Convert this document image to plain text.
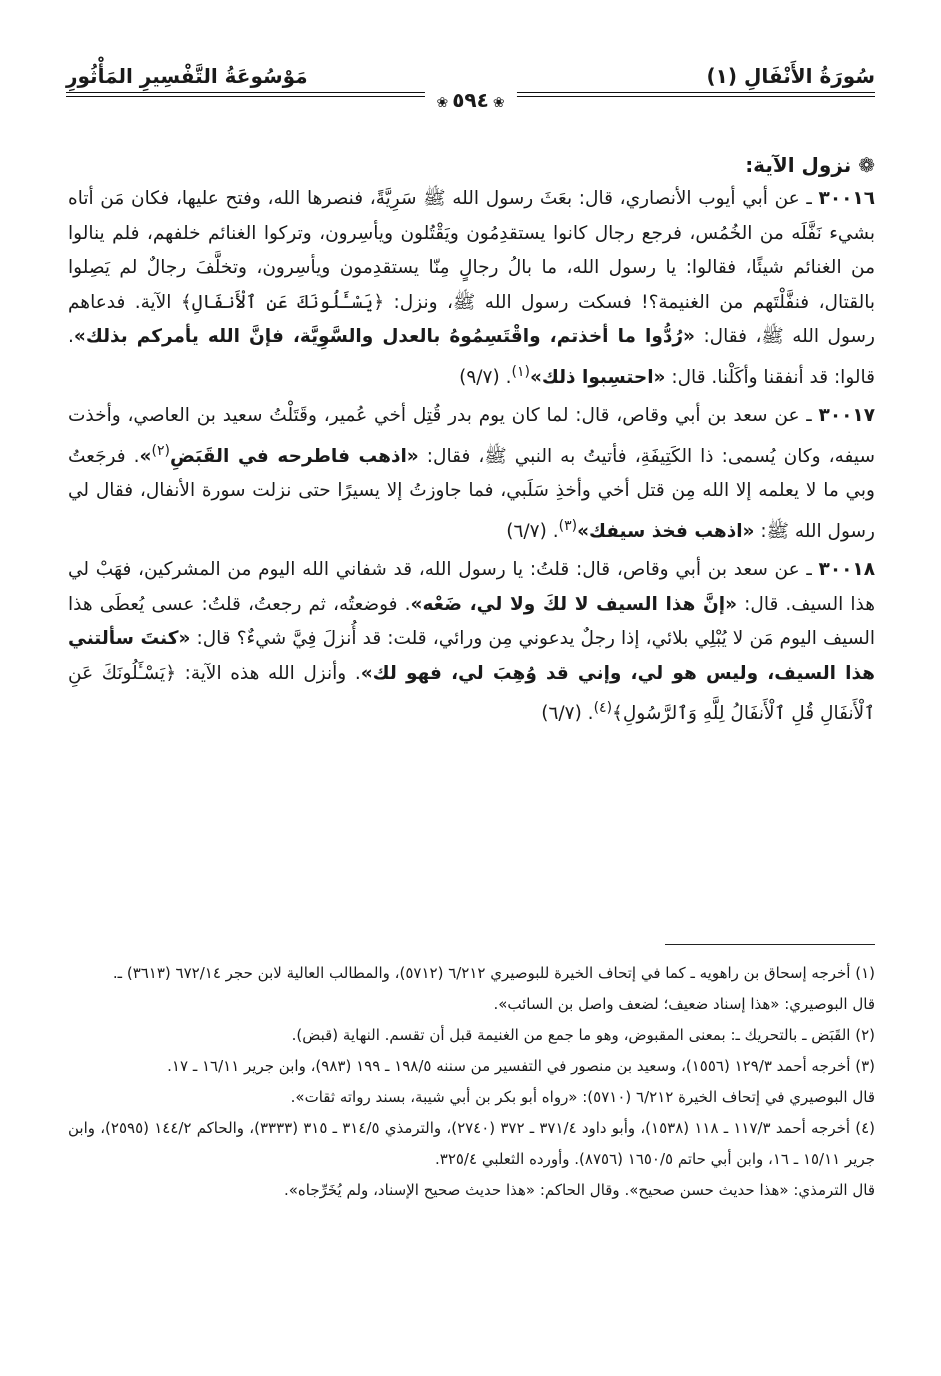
سُورَةُ الأَنْفَالِ (١)
مَوْسُوعَةُ التَّفْسِيرِ المَأْثُورِ
❀٥٩٤❀

❁ نزول الآية:

٣٠٠١٦ ـ عن أبي أيوب الأنصاري، قال: بعَثَ رسول الله ﷺ سَرِيَّةً، فنصرها الله، وفتح عليها، فكان مَن أتاه بشيء نَفَّلَه من الخُمُس، فرجع رجال كانوا يستقدِمُون ويَقْتُلون ويأسِرون، وتركوا الغنائم خلفهم، فلم ينالوا من الغنائم شيئًا، فقالوا: يا رسول الله، ما بالُ رجالٍ مِنّا يستقدِمون ويأسِرون، وتخلَّفَ رجالٌ لم يَصِلوا بالقتال، فنفَّلْتَهم من الغنيمة؟! فسكت رسول الله ﷺ، ونزل: ﴿يَسْـَٔلُونَكَ عَنِ ٱلْأَنفَالِ﴾ الآية. فدعاهم رسول الله ﷺ، فقال: «رُدُّوا ما أخذتم، واقْتَسِمُوهُ بالعدل والسَّوِيَّة، فإنَّ الله يأمركم بذلك». قالوا: قد أنفقنا وأكَلْنا. قال: «احتسِبوا ذلك»$^{(١)}$. (٩/٧)

٣٠٠١٧ ـ عن سعد بن أبي وقاص، قال: لما كان يوم بدر قُتِل أخي عُمير، وقَتَلْتُ سعيد بن العاصي، وأخذت سيفه، وكان يُسمى: ذا الكَتِيفَةِ، فأتيتُ به النبي ﷺ، فقال: «اذهب فاطرحه في القَبَضِ$^{(٢)}$». فرجَعتُ وبي ما لا يعلمه إلا الله مِن قتل أخي وأخذِ سَلَبي، فما جاوزتُ إلا يسيرًا حتى نزلت سورة الأنفال، فقال لي رسول الله ﷺ: «اذهب فخذ سيفك»$^{(٣)}$. (٦/٧)

٣٠٠١٨ ـ عن سعد بن أبي وقاص، قال: قلتُ: يا رسول الله، قد شفاني الله اليوم من المشركين، فهَبْ لي هذا السيف. قال: «إنَّ هذا السيف لا لكَ ولا لي، ضَعْه». فوضعتُه، ثم رجعتُ، قلتُ: عسى يُعطَى هذا السيف اليوم مَن لا يُبْلِي بلائي، إذا رجلٌ يدعوني مِن ورائي، قلت: قد أُنزلَ فِيَّ شيءٌ؟ قال: «كنتَ سألتني هذا السيف، وليس هو لي، وإني قد وُهِبَ لي، فهو لك». وأنزل الله هذه الآية: ﴿يَسْـَٔلُونَكَ عَنِ ٱلْأَنفَالِ قُلِ ٱلْأَنفَالُ لِلَّهِ وَٱلرَّسُولِ﴾$^{(٤)}$. (٦/٧)

(١) أخرجه إسحاق بن راهويه ـ كما في إتحاف الخيرة للبوصيري ٦/٢١٢ (٥٧١٢)، والمطالب العالية لابن حجر ٦٧٢/١٤ (٣٦١٣) ـ.

قال البوصيري: «هذا إسناد ضعيف؛ لضعف واصل بن السائب».

(٢) القَبَض ـ بالتحريك ـ: بمعنى المقبوض، وهو ما جمع من الغنيمة قبل أن تقسم. النهاية (قبض).

(٣) أخرجه أحمد ١٢٩/٣ (١٥٥٦)، وسعيد بن منصور في التفسير من سننه ١٩٨/٥ ـ ١٩٩ (٩٨٣)، وابن جرير ١٦/١١ ـ ١٧.

قال البوصيري في إتحاف الخيرة ٦/٢١٢ (٥٧١٠): «رواه أبو بكر بن أبي شيبة، بسند رواته ثقات».

(٤) أخرجه أحمد ١١٧/٣ ـ ١١٨ (١٥٣٨)، وأبو داود ٣٧١/٤ ـ ٣٧٢ (٢٧٤٠)، والترمذي ٣١٤/٥ ـ ٣١٥ (٣٣٣٣)، والحاكم ١٤٤/٢ (٢٥٩٥)، وابن جرير ١٥/١١ ـ ١٦، وابن أبي حاتم ١٦٥٠/٥ (٨٧٥٦). وأورده الثعلبي ٣٢٥/٤.

قال الترمذي: «هذا حديث حسن صحيح». وقال الحاكم: «هذا حديث صحيح الإسناد، ولم يُخَرِّجاه».
